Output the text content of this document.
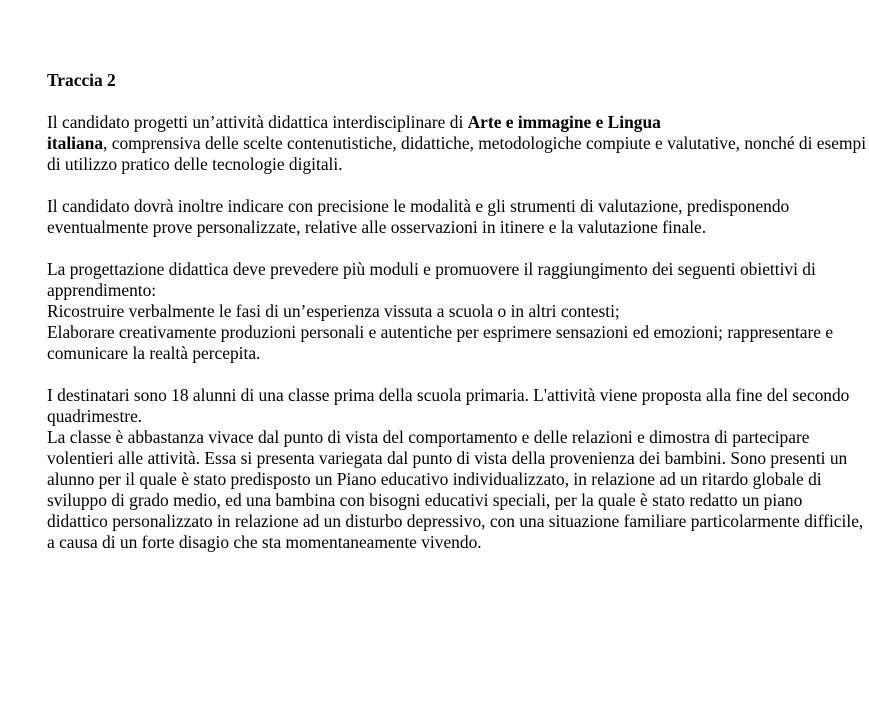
Traccia 2

Il candidato progetti un’attività didattica interdisciplinare di Arte e immagine e Lingua
italiana, comprensiva delle scelte contenutistiche, didattiche, metodologiche compiute e valutative, nonché di esempi di utilizzo pratico delle tecnologie digitali.

Il candidato dovrà inoltre indicare con precisione le modalità e gli strumenti di valutazione, predisponendo eventualmente prove personalizzate, relative alle osservazioni in itinere e la valutazione finale.

La progettazione didattica deve prevedere più moduli e promuovere il raggiungimento dei seguenti obiettivi di apprendimento:

Ricostruire verbalmente le fasi di un’esperienza vissuta a scuola o in altri contesti;

Elaborare creativamente produzioni personali e autentiche per esprimere sensazioni ed emozioni; rappresentare e comunicare la realtà percepita.

I destinatari sono 18 alunni di una classe prima della scuola primaria. L'attività viene proposta alla fine del secondo quadrimestre.

La classe è abbastanza vivace dal punto di vista del comportamento e delle relazioni e dimostra di partecipare volentieri alle attività. Essa si presenta variegata dal punto di vista della provenienza dei bambini. Sono presenti un alunno per il quale è stato predisposto un Piano educativo individualizzato, in relazione ad un ritardo globale di sviluppo di grado medio, ed una bambina con bisogni educativi speciali, per la quale è stato redatto un piano didattico personalizzato in relazione ad un disturbo depressivo, con una situazione familiare particolarmente difficile, a causa di un forte disagio che sta momentaneamente vivendo.
